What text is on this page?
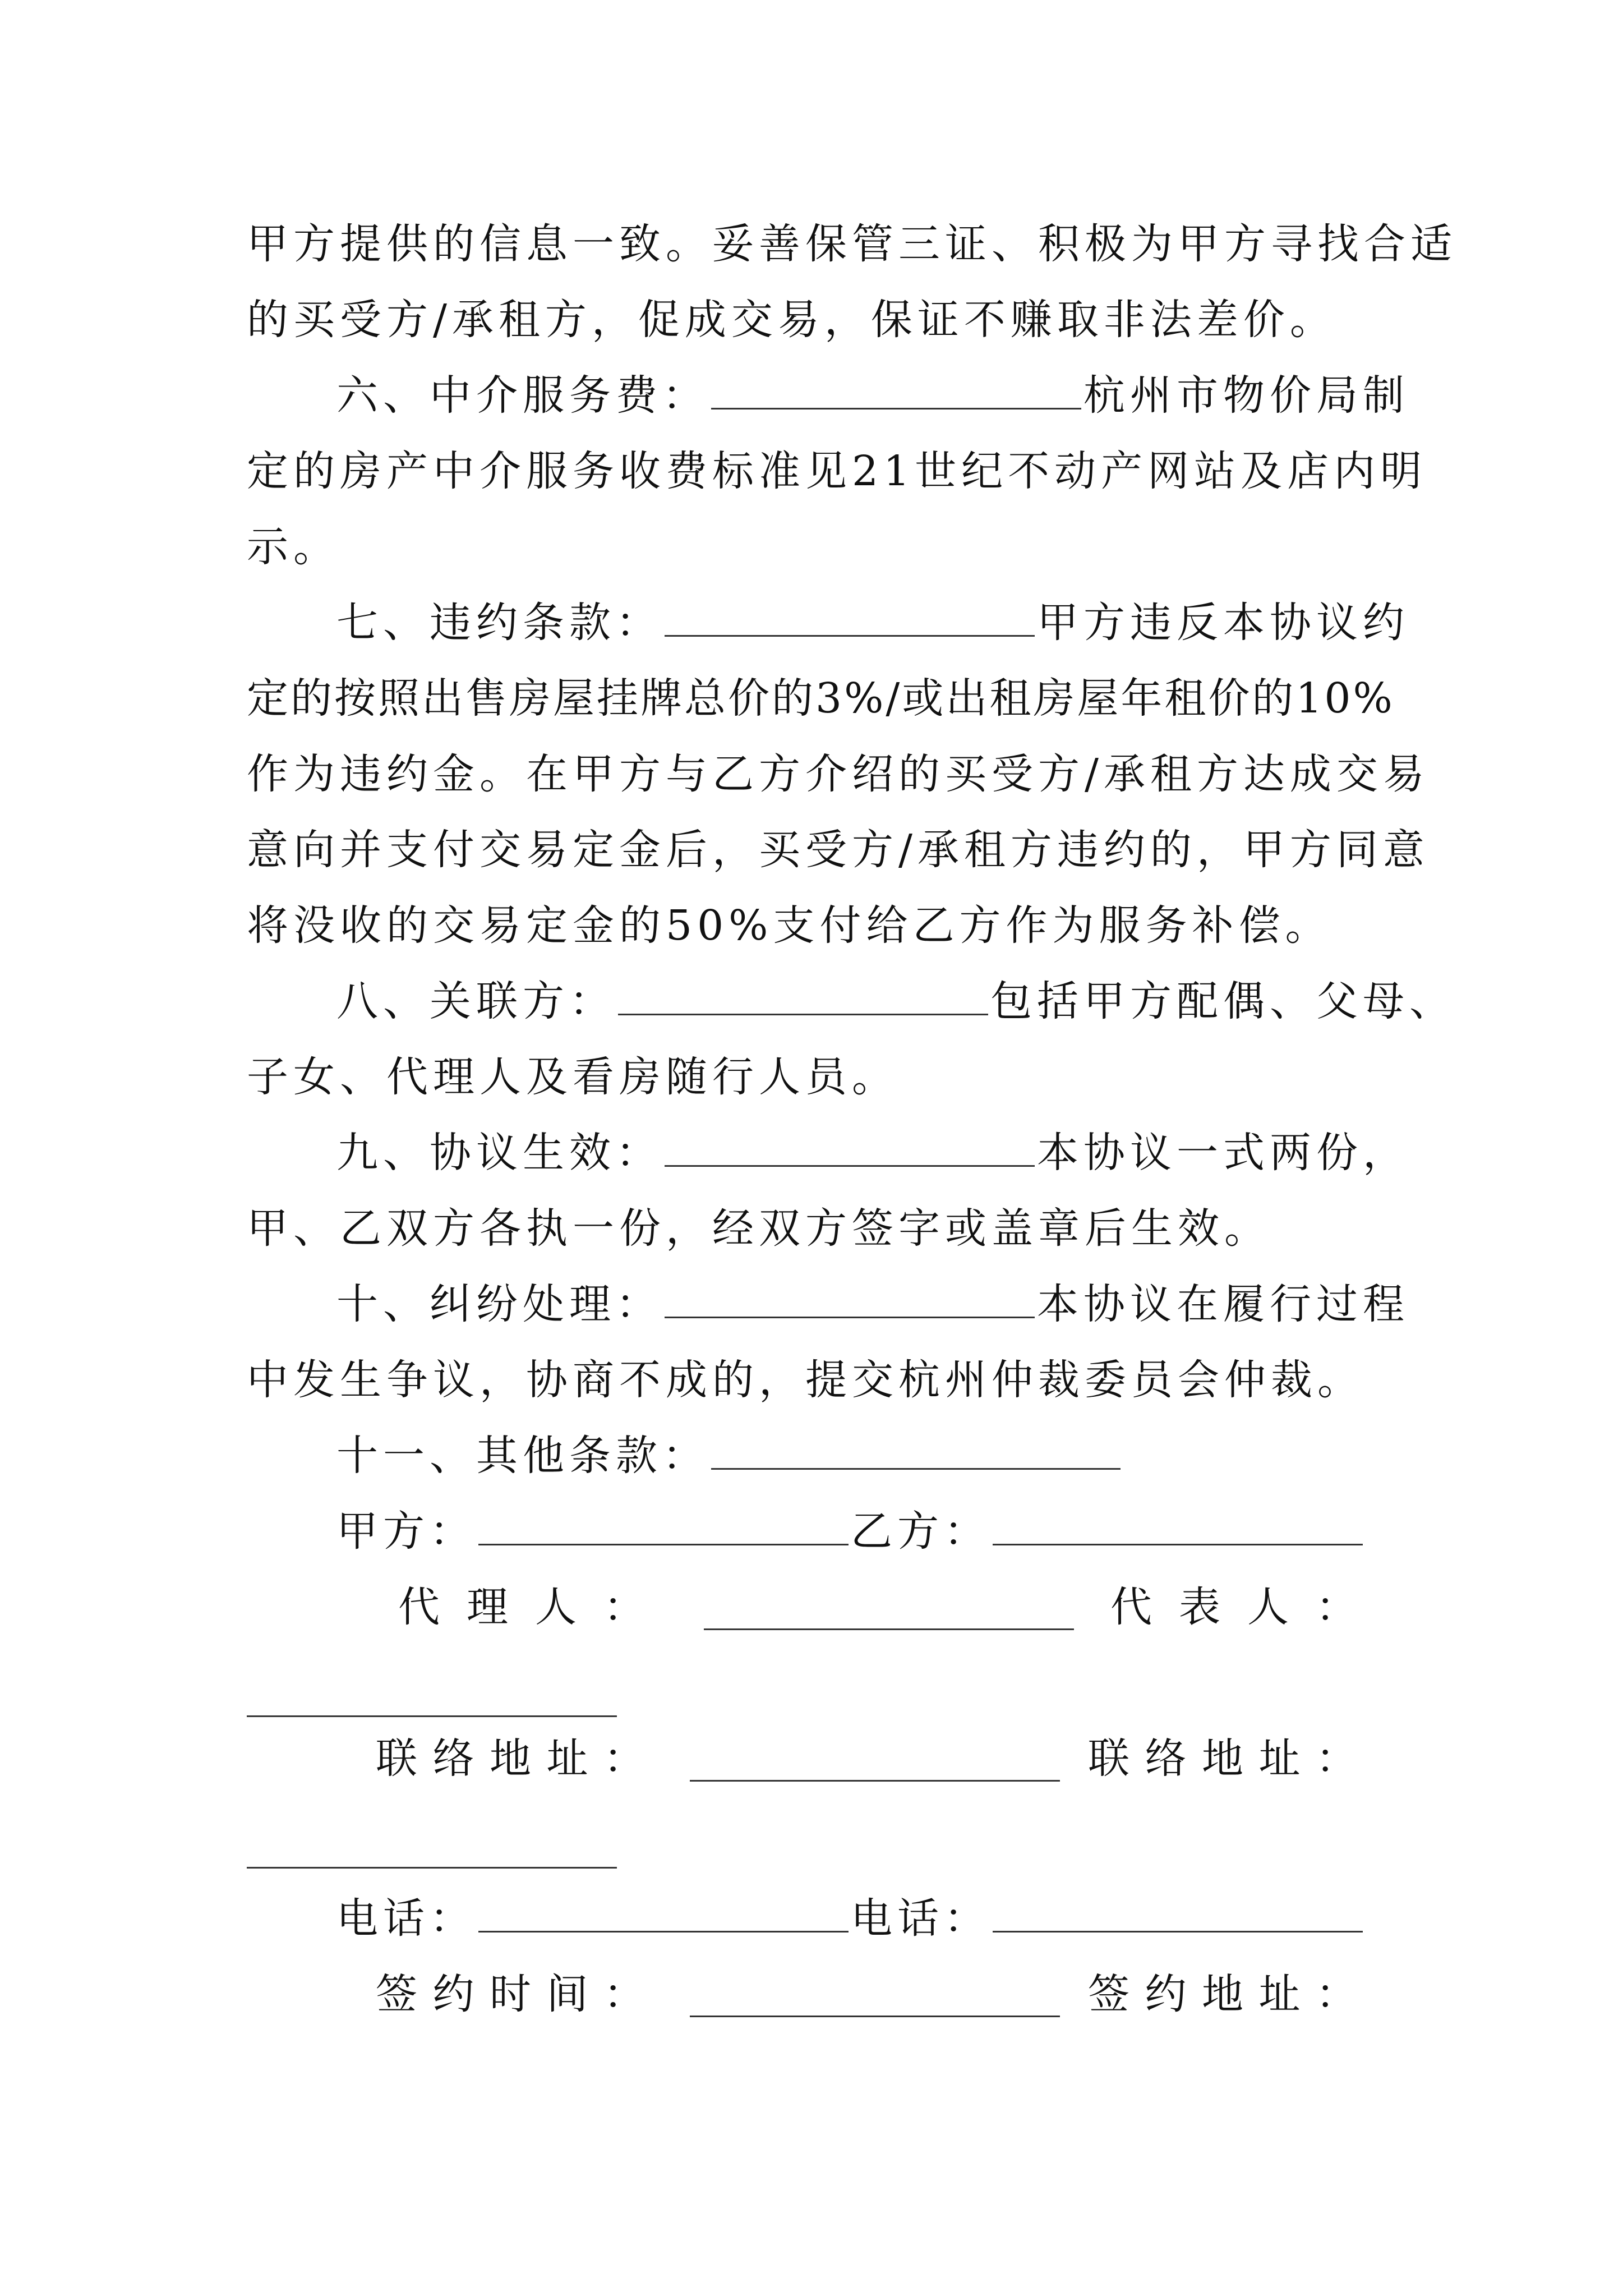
甲方提供的信息一致。妥善保管三证、积极为甲方寻找合适
的买受方/承租方，促成交易，保证不赚取非法差价。
六、中介服务费：	杭州市物价局制
定的房产中介服务收费标准见21世纪不动产网站及店内明
示。
七、违约条款：	甲方违反本协议约
定的按照出售房屋挂牌总价的3%/或出租房屋年租价的10%
作为违约金。在甲方与乙方介绍的买受方/承租方达成交易
意向并支付交易定金后，买受方/承租方违约的，甲方同意
将没收的交易定金的50%支付给乙方作为服务补偿。
八、关联方：	包括甲方配偶、父母、
子女、代理人及看房随行人员。
九、协议生效：	本协议一式两份，
甲、乙双方各执一份，经双方签字或盖章后生效。
十、纠纷处理：	本协议在履行过程
中发生争议，协商不成的，提交杭州仲裁委员会仲裁。
十一、其他条款：
甲方：	乙方：
代理人：	代表人：
联络地址：	联络地址：
电话：	电话：
签约时间：	签约地址：
